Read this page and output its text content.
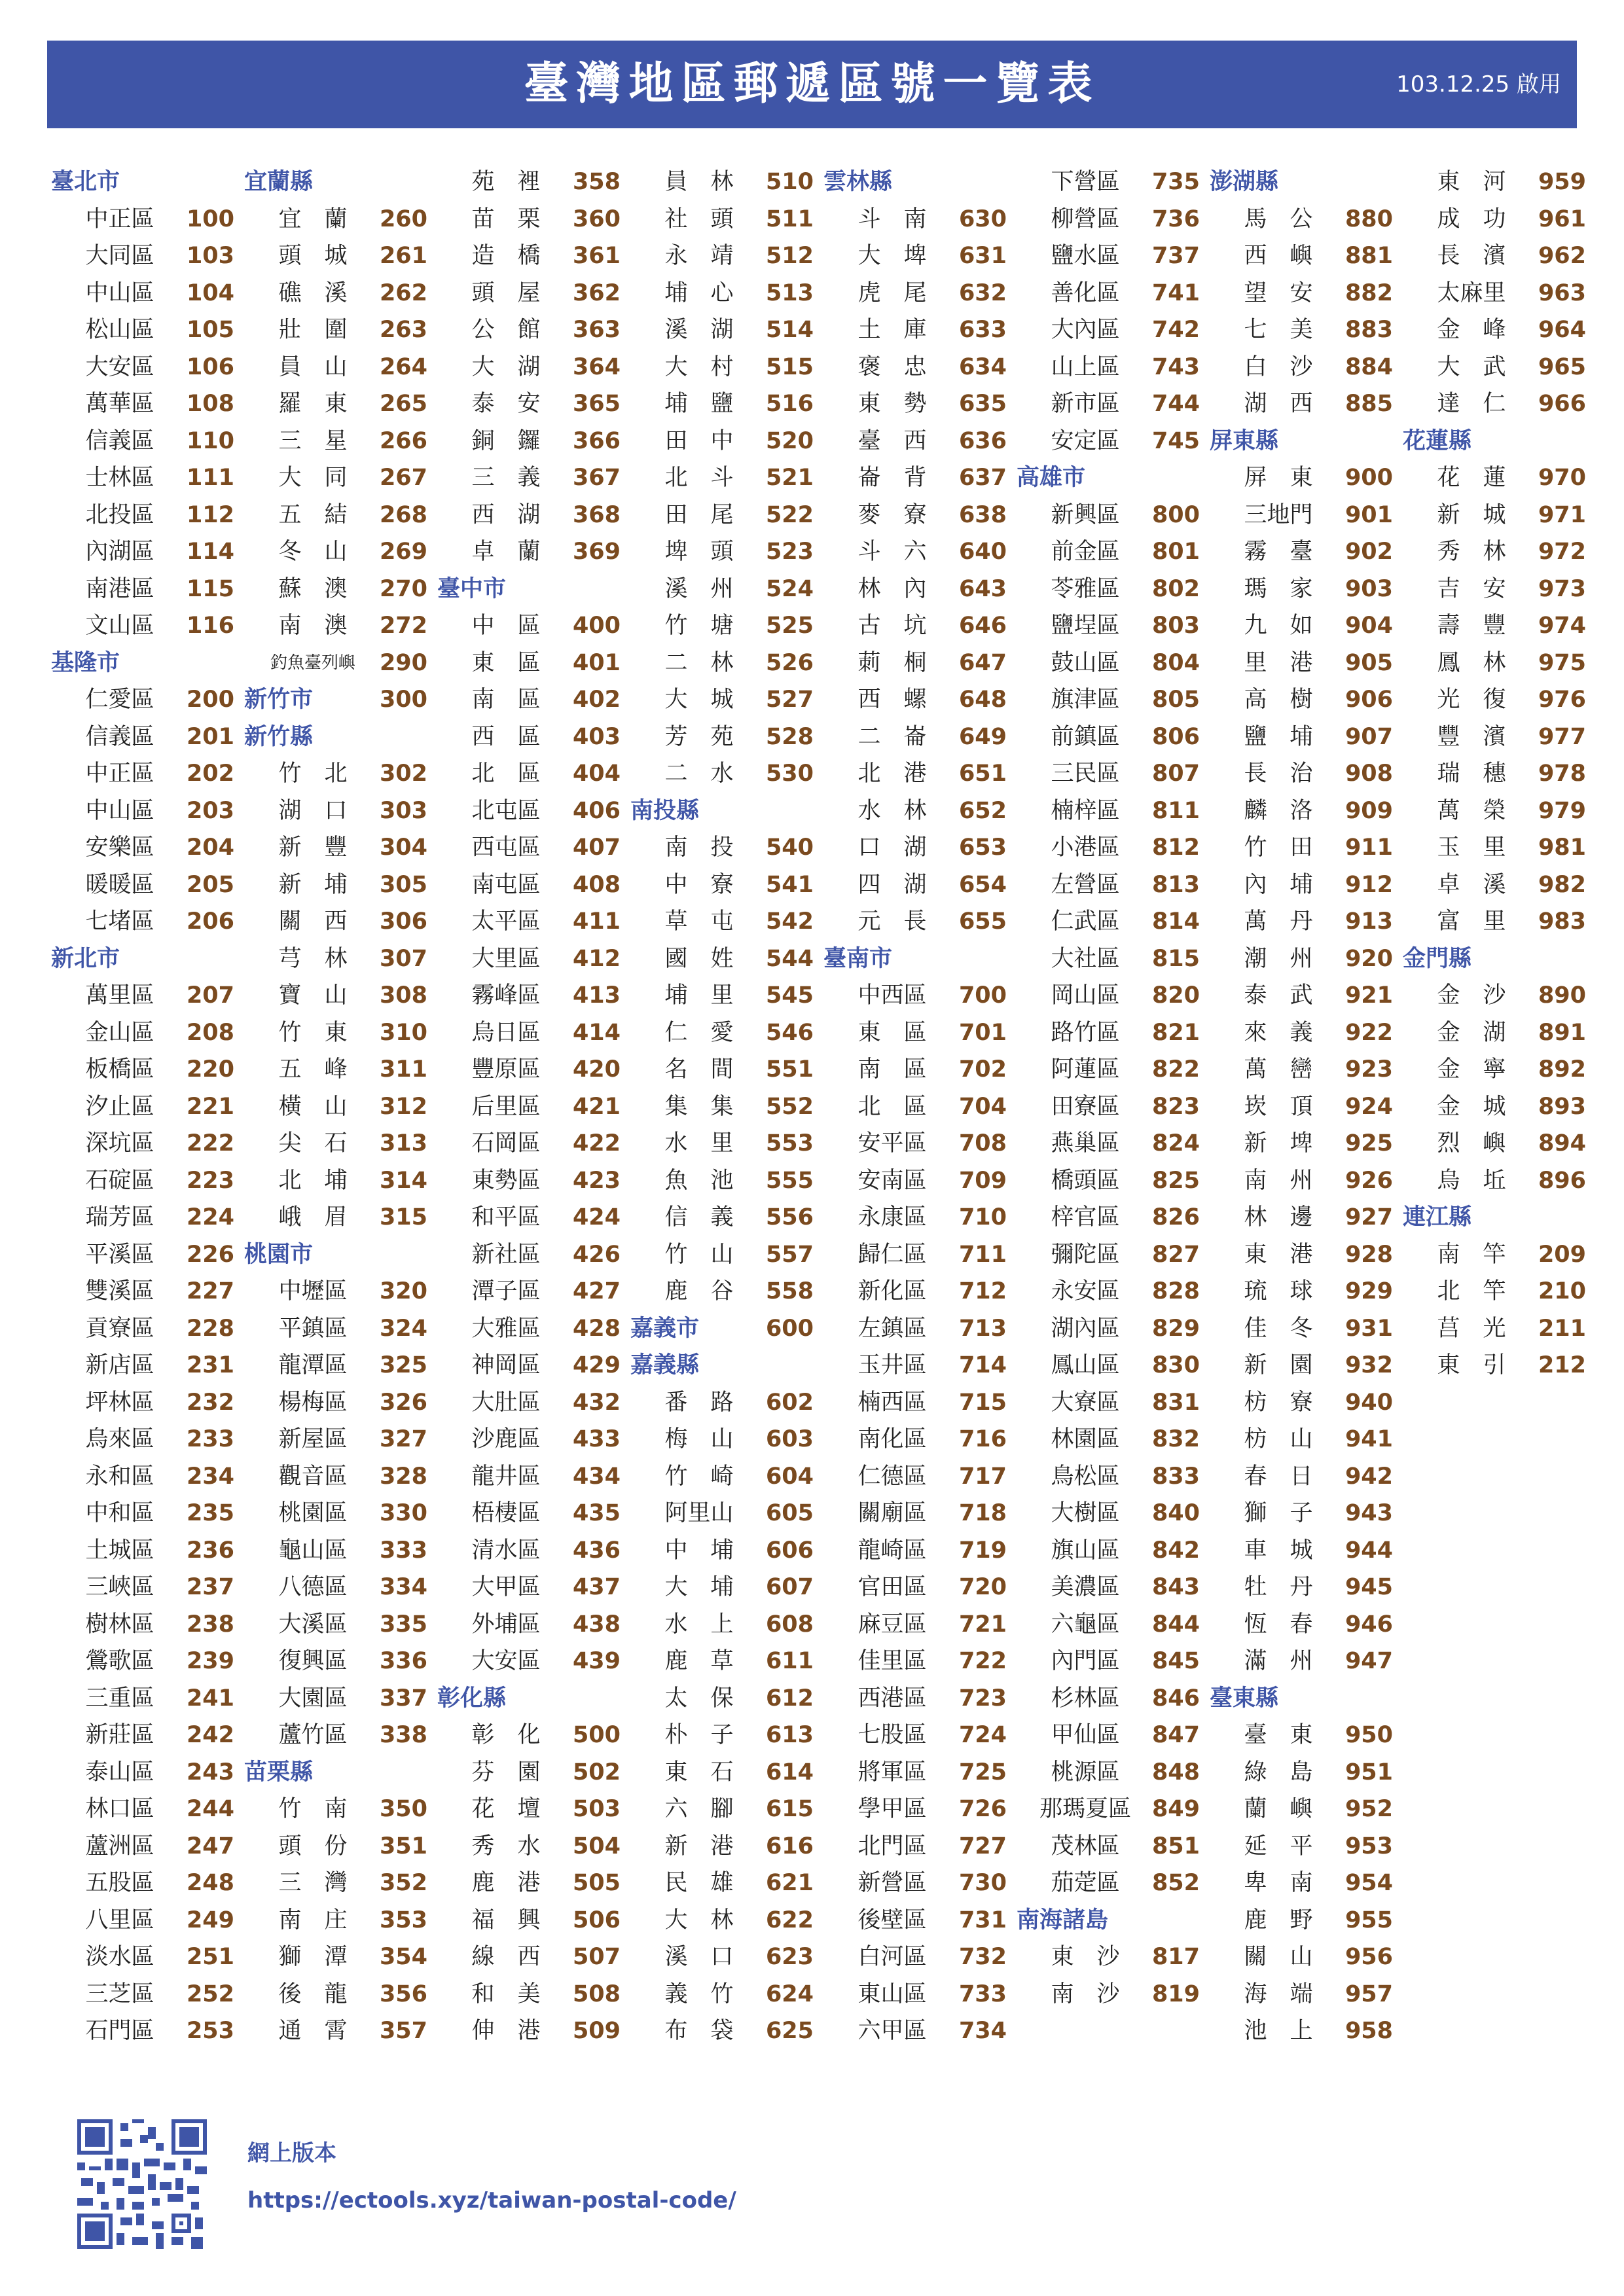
臺灣地區郵遞區號一覽表	103.12.25 啟用
臺北市
中正區	100
大同區	103
中山區	104
松山區	105
大安區	106
萬華區	108
信義區	110
士林區	111
北投區	112
內湖區	114
南港區	115
文山區	116
基隆市
仁愛區	200
信義區	201
中正區	202
中山區	203
安樂區	204
暖暖區	205
七堵區	206
新北市
萬里區	207
金山區	208
板橋區	220
汐止區	221
深坑區	222
石碇區	223
瑞芳區	224
平溪區	226
雙溪區	227
貢寮區	228
新店區	231
坪林區	232
烏來區	233
永和區	234
中和區	235
土城區	236
三峽區	237
樹林區	238
鶯歌區	239
三重區	241
新莊區	242
泰山區	243
林口區	244
蘆洲區	247
五股區	248
八里區	249
淡水區	251
三芝區	252
石門區	253
宜蘭縣
宜　蘭	260
頭　城	261
礁　溪	262
壯　圍	263
員　山	264
羅　東	265
三　星	266
大　同	267
五　結	268
冬　山	269
蘇　澳	270
南　澳	272
釣魚臺列嶼	290
新竹市	300
新竹縣
竹　北	302
湖　口	303
新　豐	304
新　埔	305
關　西	306
芎　林	307
寶　山	308
竹　東	310
五　峰	311
橫　山	312
尖　石	313
北　埔	314
峨　眉	315
桃園市
中壢區	320
平鎮區	324
龍潭區	325
楊梅區	326
新屋區	327
觀音區	328
桃園區	330
龜山區	333
八德區	334
大溪區	335
復興區	336
大園區	337
蘆竹區	338
苗栗縣
竹　南	350
頭　份	351
三　灣	352
南　庄	353
獅　潭	354
後　龍	356
通　霄	357
苑　裡	358
苗　栗	360
造　橋	361
頭　屋	362
公　館	363
大　湖	364
泰　安	365
銅　鑼	366
三　義	367
西　湖	368
卓　蘭	369
臺中市
中　區	400
東　區	401
南　區	402
西　區	403
北　區	404
北屯區	406
西屯區	407
南屯區	408
太平區	411
大里區	412
霧峰區	413
烏日區	414
豐原區	420
后里區	421
石岡區	422
東勢區	423
和平區	424
新社區	426
潭子區	427
大雅區	428
神岡區	429
大肚區	432
沙鹿區	433
龍井區	434
梧棲區	435
清水區	436
大甲區	437
外埔區	438
大安區	439
彰化縣
彰　化	500
芬　園	502
花　壇	503
秀　水	504
鹿　港	505
福　興	506
線　西	507
和　美	508
伸　港	509
員　林	510
社　頭	511
永　靖	512
埔　心	513
溪　湖	514
大　村	515
埔　鹽	516
田　中	520
北　斗	521
田　尾	522
埤　頭	523
溪　州	524
竹　塘	525
二　林	526
大　城	527
芳　苑	528
二　水	530
南投縣
南　投	540
中　寮	541
草　屯	542
國　姓	544
埔　里	545
仁　愛	546
名　間	551
集　集	552
水　里	553
魚　池	555
信　義	556
竹　山	557
鹿　谷	558
嘉義市	600
嘉義縣
番　路	602
梅　山	603
竹　崎	604
阿里山	605
中　埔	606
大　埔	607
水　上	608
鹿　草	611
太　保	612
朴　子	613
東　石	614
六　腳	615
新　港	616
民　雄	621
大　林	622
溪　口	623
義　竹	624
布　袋	625
雲林縣
斗　南	630
大　埤	631
虎　尾	632
土　庫	633
褒　忠	634
東　勢	635
臺　西	636
崙　背	637
麥　寮	638
斗　六	640
林　內	643
古　坑	646
莿　桐	647
西　螺	648
二　崙	649
北　港	651
水　林	652
口　湖	653
四　湖	654
元　長	655
臺南市
中西區	700
東　區	701
南　區	702
北　區	704
安平區	708
安南區	709
永康區	710
歸仁區	711
新化區	712
左鎮區	713
玉井區	714
楠西區	715
南化區	716
仁德區	717
關廟區	718
龍崎區	719
官田區	720
麻豆區	721
佳里區	722
西港區	723
七股區	724
將軍區	725
學甲區	726
北門區	727
新營區	730
後壁區	731
白河區	732
東山區	733
六甲區	734
下營區	735
柳營區	736
鹽水區	737
善化區	741
大內區	742
山上區	743
新市區	744
安定區	745
高雄市
新興區	800
前金區	801
苓雅區	802
鹽埕區	803
鼓山區	804
旗津區	805
前鎮區	806
三民區	807
楠梓區	811
小港區	812
左營區	813
仁武區	814
大社區	815
岡山區	820
路竹區	821
阿蓮區	822
田寮區	823
燕巢區	824
橋頭區	825
梓官區	826
彌陀區	827
永安區	828
湖內區	829
鳳山區	830
大寮區	831
林園區	832
鳥松區	833
大樹區	840
旗山區	842
美濃區	843
六龜區	844
內門區	845
杉林區	846
甲仙區	847
桃源區	848
那瑪夏區 849
茂林區	851
茄萣區	852
南海諸島
東　沙	817
南　沙	819
澎湖縣
馬　公	880
西　嶼	881
望　安	882
七　美	883
白　沙	884
湖　西	885
屏東縣
屏　東	900
三地門	901
霧　臺	902
瑪　家	903
九　如	904
里　港	905
高　樹	906
鹽　埔	907
長　治	908
麟　洛	909
竹　田	911
內　埔	912
萬　丹	913
潮　州	920
泰　武	921
來　義	922
萬　巒	923
崁　頂	924
新　埤	925
南　州	926
林　邊	927
東　港	928
琉　球	929
佳　冬	931
新　園	932
枋　寮	940
枋　山	941
春　日	942
獅　子	943
車　城	944
牡　丹	945
恆　春	946
滿　州	947
臺東縣
臺　東	950
綠　島	951
蘭　嶼	952
延　平	953
卑　南	954
鹿　野	955
關　山	956
海　端	957
池　上	958
東　河	959
成　功	961
長　濱	962
太麻里	963
金　峰	964
大　武	965
達　仁	966
花蓮縣
花　蓮	970
新　城	971
秀　林	972
吉　安	973
壽　豐	974
鳳　林	975
光　復	976
豐　濱	977
瑞　穗	978
萬　榮	979
玉　里	981
卓　溪	982
富　里	983
金門縣
金　沙	890
金　湖	891
金　寧	892
金　城	893
烈　嶼	894
烏　坵	896
連江縣
南　竿	209
北　竿	210
莒　光	211
東　引	212
網上版本
https://ectools.xyz/taiwan-postal-code/
